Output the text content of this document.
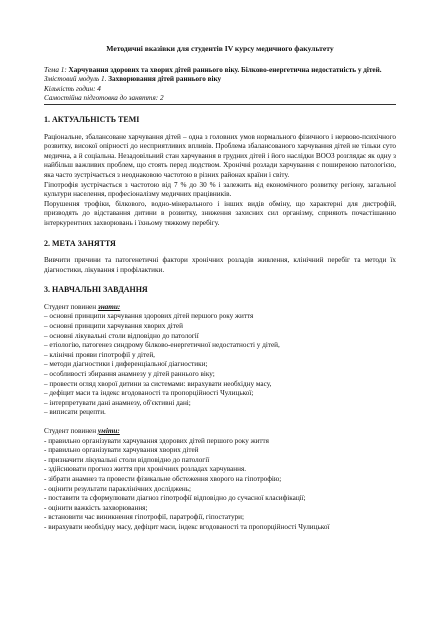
Методичні вказівки для студентів IV курсу медичного факультету

Тема 1: Харчування здорових та хворих дітей раннього віку. Білково-енергетична недостатність у дітей.

Змістовий модуль 1. Захворювання дітей раннього віку

Кількість годин: 4

Самостійна підготовка до заняття: 2

1. АКТУАЛЬНІСТЬ ТЕМІ

Раціональне, збалансоване харчування дітей – одна з головних умов нормального фізичного і нервово-психічного розвитку, високої опірності до несприятливих впливів. Проблема збалансованого харчування дітей не тільки суто медична, а й соціальна. Незадовільний стан харчування в грудних дітей і його наслідки ВООЗ розглядає як одну з найбільш важливих проблем, що стоять перед людством. Хронічні розлади харчування є поширеною патологією, яка часто зустрічається з неоднаковою частотою в різних районах країни і світу.

Гіпотрофія зустрічається з частотою від 7 % до 30 % і залежить від економічного розвитку регіону, загальної культури населення, професіоналізму медичних працівників.

Порушення трофіки, білкового, водно-мінерального і інших видів обміну, що характерні для дистрофій, призводять до відставання дитини в розвитку, зниження захисних сил організму, сприяють почастішанню інтеркурентних захворювань і їхньому тяжкому перебігу.

2. МЕТА ЗАНЯТТЯ

Вивчити причини та патогенетичні фактори хронічних розладів живлення, клінічний перебіг та методи їх діагностики, лікування і профілактики.

3. НАВЧАЛЬНІ ЗАВДАННЯ

Студент повинен знати:

– основні принципи харчування здорових дітей першого року життя
– основні принципи харчування хворих дітей
– основні лікувальні столи відповідно до патології
– етіологію, патогенез синдрому білково-енергетичної недостатності у дітей,
– клінічні прояви гіпотрофії у дітей,
– методи діагностики і диференціальної діагностики;
– особливості збирання анамнезу у дітей раннього віку;
– провести огляд хворої дитини за системами: вирахувати необхідну масу,
– дефіцит маси та індекс вгодованості та пропорційності Чулицької;
– інтерпретувати дані анамнезу, об'єктивні дані;
– виписати рецепти.

Студент повинен уміти:

- правильно організувати харчування здорових дітей першого року життя
- правильно організувати харчування хворих дітей
- призначити лікувальні столи відповідно до патології
- здійснювати прогноз життя при хронічних розладах харчування.
- зібрати анамнез та провести фізикальне обстеження хворого на гіпотрофію;
- оцінити результати параклінічних досліджень;
- поставити та сформулювати діагноз гіпотрофії відповідно до сучасної класифікації;
- оцінити важкість захворювання;
- встановити час виникнення гіпотрофії, паратрофії, гіпостатури;
- вирахувати необхідну масу, дефіцит маси, індекс вгодованості та пропорційності Чулицької
